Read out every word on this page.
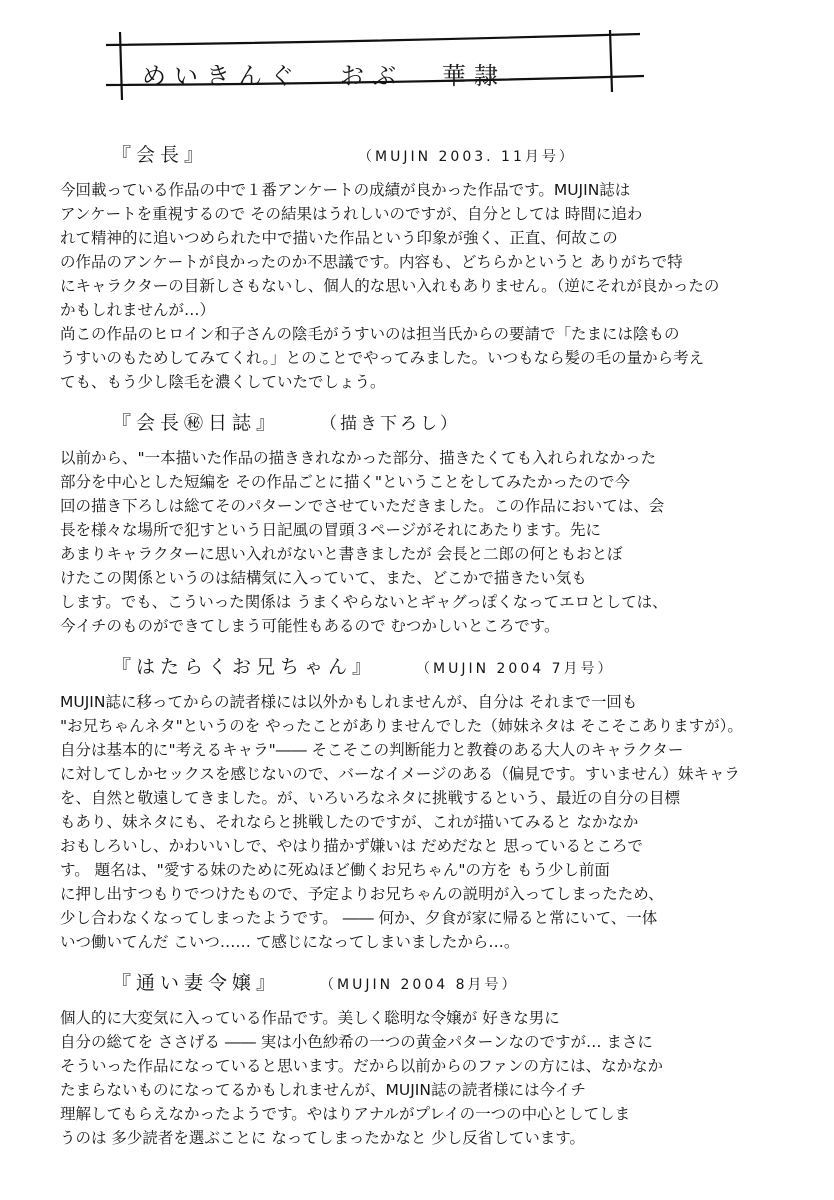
めいきんぐ おぶ 華隷
『会長』	（MUJIN 2003. 11月号）
今回載っている作品の中で１番アンケートの成績が良かった作品です。MUJIN誌は
アンケートを重視するので その結果はうれしいのですが、自分としては 時間に追わ
れて精神的に追いつめられた中で描いた作品という印象が強く、正直、何故この
の作品のアンケートが良かったのか不思議です。内容も、どちらかというと ありがちで特
にキャラクターの目新しさもないし、個人的な思い入れもありません。（逆にそれが良かったの
かもしれませんが…）
尚この作品のヒロイン和子さんの陰毛がうすいのは担当氏からの要請で「たまには陰もの
うすいのもためしてみてくれ。」とのことでやってみました。いつもなら髪の毛の量から考え
ても、もう少し陰毛を濃くしていたでしょう。
『会長㊙日誌』 （描き下ろし）
以前から、"一本描いた作品の描ききれなかった部分、描きたくても入れられなかった
部分を中心とした短編を その作品ごとに描く"ということをしてみたかったので今
回の描き下ろしは総てそのパターンでさせていただきました。この作品においては、会
長を様々な場所で犯すという日記風の冒頭３ページがそれにあたります。先に
あまりキャラクターに思い入れがないと書きましたが 会長と二郎の何ともおとぼ
けたこの関係というのは結構気に入っていて、また、どこかで描きたい気も
します。でも、こういった関係は うまくやらないとギャグっぽくなってエロとしては、
今イチのものができてしまう可能性もあるので むつかしいところです。
『はたらくお兄ちゃん』	（MUJIN 2004 7月号）
MUJIN誌に移ってからの読者様には以外かもしれませんが、自分は それまで一回も
"お兄ちゃんネタ"というのを やったことがありませんでした（姉妹ネタは そこそこありますが）。
自分は基本的に"考えるキャラ"―― そこそこの判断能力と教養のある大人のキャラクター
に対してしかセックスを感じないので、バーなイメージのある（偏見です。すいません）妹キャラ
を、自然と敬遠してきました。が、いろいろなネタに挑戦するという、最近の自分の目標
もあり、妹ネタにも、それならと挑戦したのですが、これが描いてみると なかなか
おもしろいし、かわいいしで、やはり描かず嫌いは だめだなと 思っているところで
す。 題名は、"愛する妹のために死ぬほど働くお兄ちゃん"の方を もう少し前面
に押し出すつもりでつけたもので、予定よりお兄ちゃんの説明が入ってしまったため、
少し合わなくなってしまったようです。 ―― 何か、夕食が家に帰ると常にいて、一体
いつ働いてんだ こいつ…… て感じになってしまいましたから…。
『通い妻令嬢』	（MUJIN 2004 8月号）
個人的に大変気に入っている作品です。美しく聡明な令嬢が 好きな男に
自分の総てを ささげる ―― 実は小色紗希の一つの黄金パターンなのですが… まさに
そういった作品になっていると思います。だから以前からのファンの方には、なかなか
たまらないものになってるかもしれませんが、MUJIN誌の読者様には今イチ
理解してもらえなかったようです。やはりアナルがプレイの一つの中心としてしま
うのは 多少読者を選ぶことに なってしまったかなと 少し反省しています。
